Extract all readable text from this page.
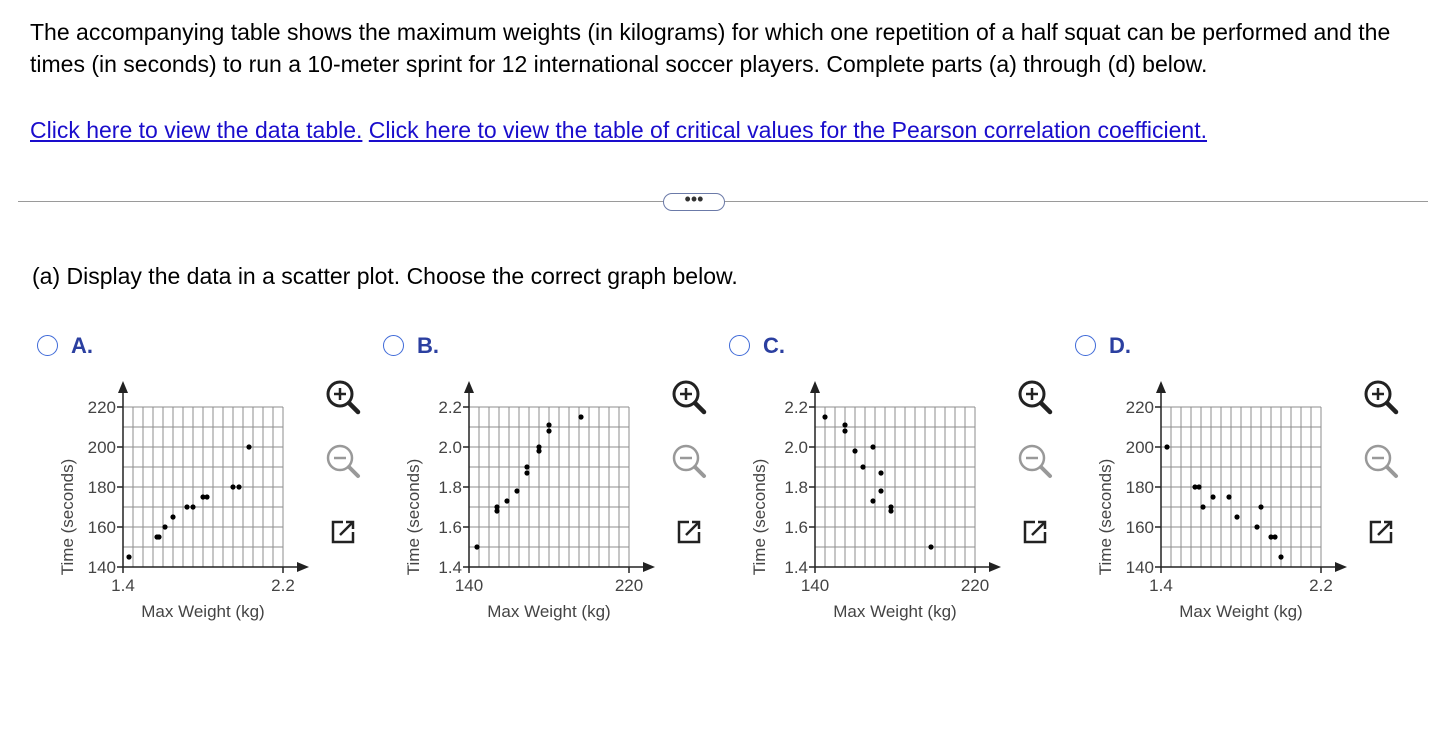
The accompanying table shows the maximum weights (in kilograms) for which one repetition of a half squat can be performed and the times (in seconds) to run a 10-meter sprint for 12 international soccer players. Complete parts (a) through (d) below.

Click here to view the data table. Click here to view the table of critical values for the Pearson correlation coefficient.
•••
(a) Display the data in a scatter plot. Choose the correct graph below.
A.	B.	C.	D.
140
160
180
200
220
1.4	2.2
Max Weight (kg)
Time (seconds)	1.4
1.6
1.8
2.0
2.2
140	220
Max Weight (kg)
Time (seconds)	1.4
1.6
1.8
2.0
2.2
140	220
Max Weight (kg)
Time (seconds)	140
160
180
200
220
1.4	2.2
Max Weight (kg)
Time (seconds)
